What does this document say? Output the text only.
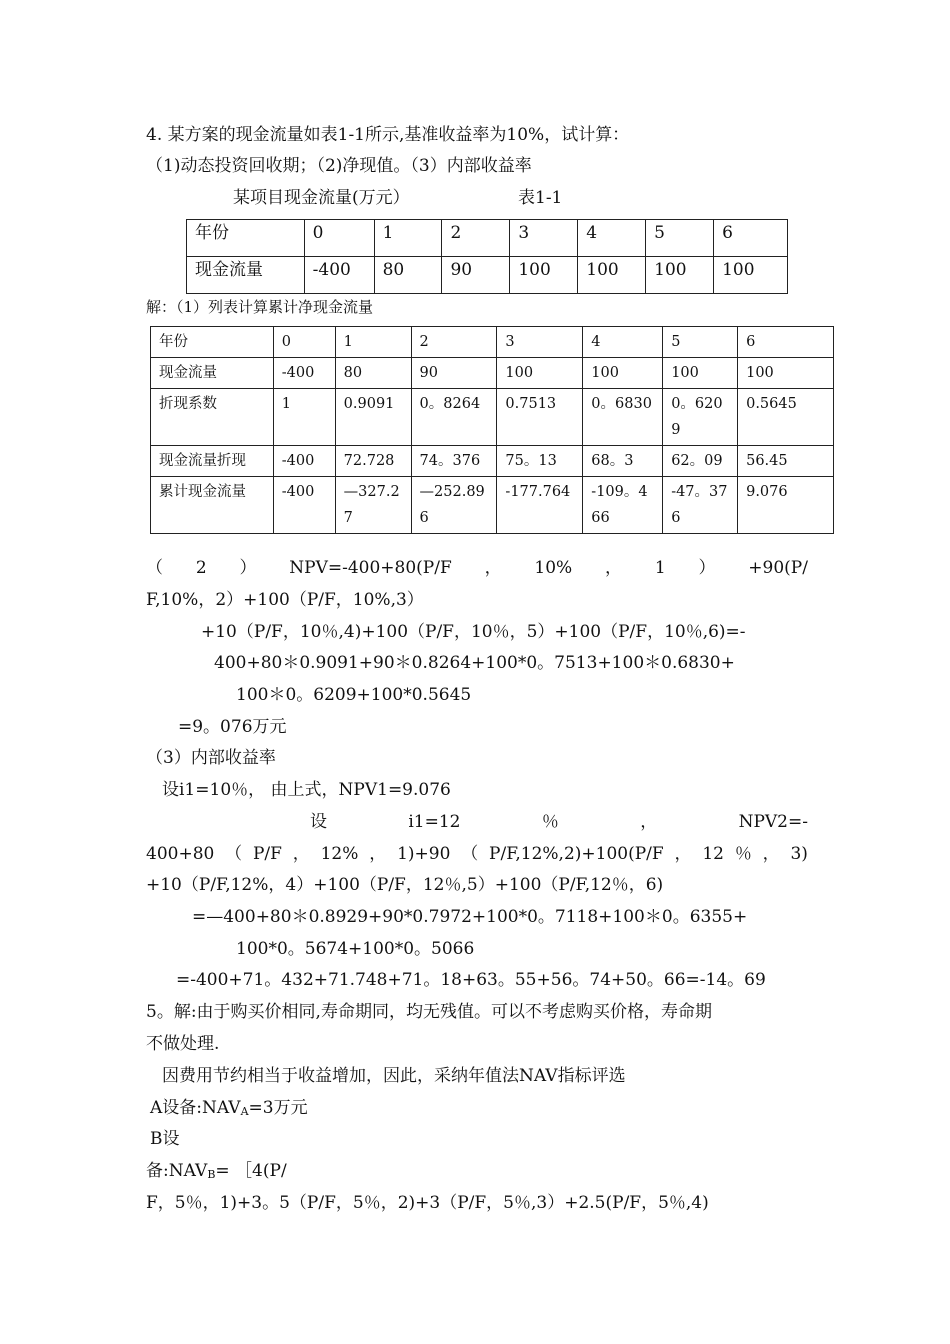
4. 某方案的现金流量如表1-1所示,基准收益率为10%，试计算：
（1)动态投资回收期；（2)净现值。（3）内部收益率
某项目现金流量(万元）	表1-1
年份	0	1	2	3	4	5	6
现金流量	-400	80	90	100	100	100	100
解：（1）列表计算累计净现金流量
年份	0	1	2	3	4	5	6
现金流量	-400	80	90	100	100	100	100
折现系数	1	0.9091	0。8264	0.7513	0。6830	0。6209	0.5645
现金流量折现	-400	72.728	74。376	75。13	68。3	62。09	56.45
累计现金流量	-400	—327.27	—252.896	-177.764	-109。466	-47。376	9.076
（ 2 ） NPV=-400+80(P/F ， 10% ， 1 ） +90(P/
F,10%，2）+100（P/F，10%,3）
+10（P/F，10％,4)+100（P/F，10％，5）+100（P/F，10％,6)=-
400+80＊0.9091+90＊0.8264+100*0。7513+100＊0.6830+
100＊0。6209+100*0.5645
=9。076万元
（3）内部收益率
设i1=10％， 由上式，NPV1=9.076
设	i1=12	％	，	NPV2=-
400+80 （ P/F ， 12% ， 1)+90 （ P/F,12%,2)+100(P/F ， 12 ％ ， 3)
+10（P/F,12%，4）+100（P/F，12％,5）+100（P/F,12％，6)
=—400+80＊0.8929+90*0.7972+100*0。7118+100＊0。6355+
100*0。5674+100*0。5066
=-400+71。432+71.748+71。18+63。55+56。74+50。66=-14。69
5。解:由于购买价相同,寿命期同，均无残值。可以不考虑购买价格，寿命期
不做处理.
因费用节约相当于收益增加，因此，采纳年值法NAV指标评选
A设备:NAVA=3万元
B设
备:NAVB= ［4(P/
F，5％，1)+3。5（P/F，5％，2)+3（P/F，5％,3）+2.5(P/F，5％,4)
